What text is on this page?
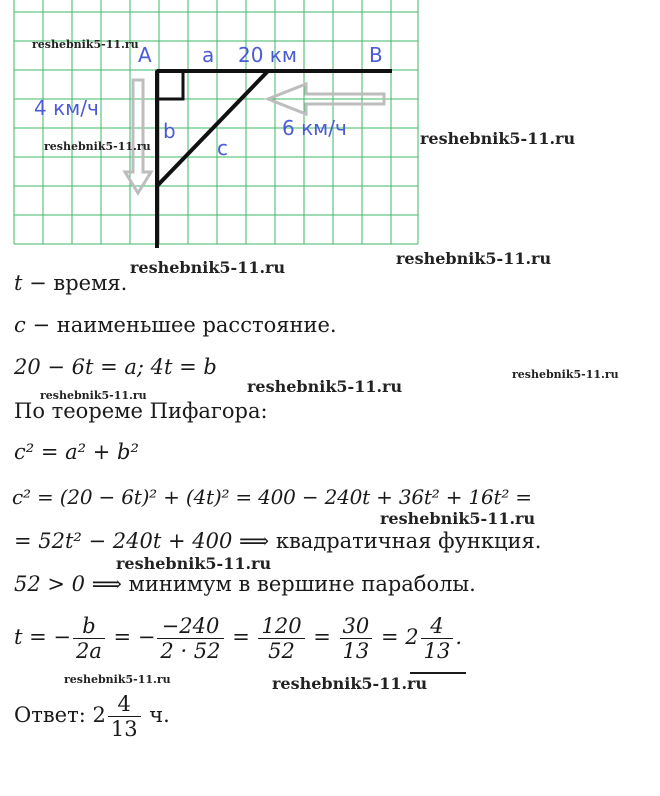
A	a 20 км	B
4 км/ч
b
c
6 км/ч
t − время.
c − наименьшее расстояние.
20 − 6t = a; 4t = b
По теореме Пифагора:
c² = a² + b²
c² = (20 − 6t)² + (4t)² = 400 − 240t + 36t² + 16t² =
= 52t² − 240t + 400 ⟹ квадратичная функция.
52 > 0 ⟹ минимум в вершине параболы.
t = − $\frac{b}{2a}$ = − $\frac{-240}{2 \cdot 52} = \frac{120}{52} = \frac{30}{13} = 2 \frac{4}{13}$ .
Ответ: $2 \frac{4}{13} ч$.
reshebnik5-11.ru
reshebnik5-11.ru	reshebnik5-11.ru
reshebnik5-11.ru	reshebnik5-11.ru
reshebnik5-11.ru
reshebnik5-11.ru
reshebnik5-11.ru
reshebnik5-11.ru
reshebnik5-11.ru
reshebnik5-11.ru	reshebnik5-11.ru
